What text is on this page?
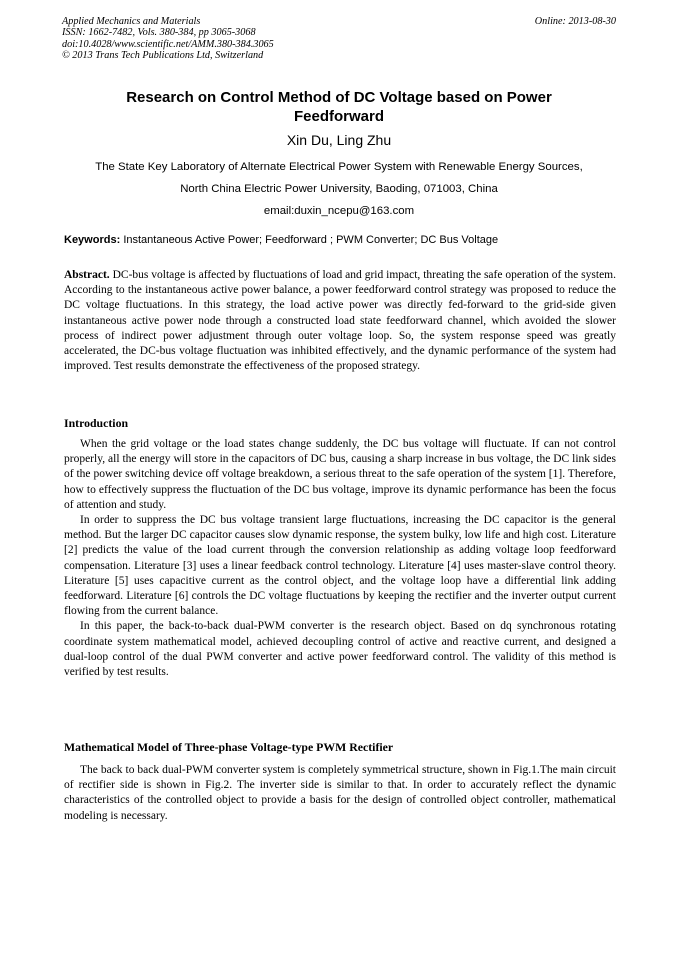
Applied Mechanics and Materials
ISSN: 1662-7482, Vols. 380-384, pp 3065-3068
doi:10.4028/www.scientific.net/AMM.380-384.3065
© 2013 Trans Tech Publications Ltd, Switzerland
Online: 2013-08-30
Research on Control Method of DC Voltage based on Power
Feedforward
Xin Du, Ling Zhu
The State Key Laboratory of Alternate Electrical Power System with Renewable Energy Sources,
North China Electric Power University, Baoding, 071003, China
email:duxin_ncepu@163.com
Keywords: Instantaneous Active Power; Feedforward ; PWM Converter; DC Bus Voltage
Abstract. DC-bus voltage is affected by fluctuations of load and grid impact, threating the safe operation of the system. According to the instantaneous active power balance, a power feedforward control strategy was proposed to reduce the DC voltage fluctuations. In this strategy, the load active power was directly fed-forward to the grid-side given instantaneous active power node through a constructed load state feedforward channel, which avoided the slower process of indirect power adjustment through outer voltage loop. So, the system response speed was greatly accelerated, the DC-bus voltage fluctuation was inhibited effectively, and the dynamic performance of the system had improved. Test results demonstrate the effectiveness of the proposed strategy.
Introduction

When the grid voltage or the load states change suddenly, the DC bus voltage will fluctuate. If can not control properly, all the energy will store in the capacitors of DC bus, causing a sharp increase in bus voltage, the DC link sides of the power switching device off voltage breakdown, a serious threat to the safe operation of the system [1]. Therefore, how to effectively suppress the fluctuation of the DC bus voltage, improve its dynamic performance has been the focus of attention and study.

In order to suppress the DC bus voltage transient large fluctuations, increasing the DC capacitor is the general method. But the larger DC capacitor causes slow dynamic response, the system bulky, low life and high cost. Literature [2] predicts the value of the load current through the conversion relationship as adding voltage loop feedforward compensation. Literature [3] uses a linear feedback control technology. Literature [4] uses master-slave control theory. Literature [5] uses capacitive current as the control object, and the voltage loop have a differential link adding feedforward. Literature [6] controls the DC voltage fluctuations by keeping the rectifier and the inverter output current flowing from the current balance.

In this paper, the back-to-back dual-PWM converter is the research object. Based on dq synchronous rotating coordinate system mathematical model, achieved decoupling control of active and reactive current, and designed a dual-loop control of the dual PWM converter and active power feedforward control. The validity of this method is verified by test results.

Mathematical Model of Three-phase Voltage-type PWM Rectifier

The back to back dual-PWM converter system is completely symmetrical structure, shown in Fig.1.The main circuit of rectifier side is shown in Fig.2. The inverter side is similar to that. In order to accurately reflect the dynamic characteristics of the controlled object to provide a basis for the design of controlled object controller, mathematical modeling is necessary.
